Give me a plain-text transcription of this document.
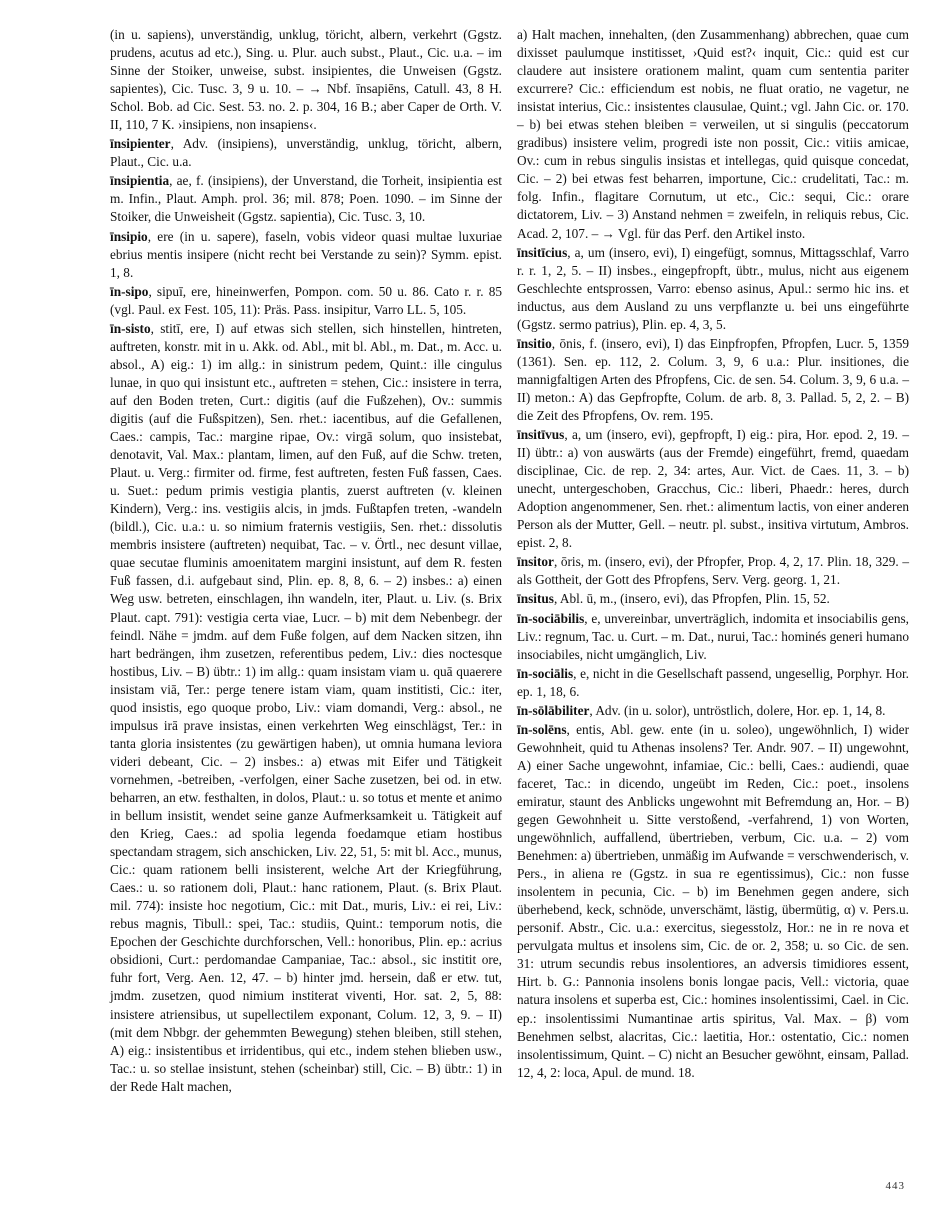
(in u. sapiens), unverständig, unklug, töricht, albern, verkehrt (Ggstz. prudens, acutus ad etc.), Sing. u. Plur. auch subst., Plaut., Cic. u.a. – im Sinne der Stoiker, unweise, subst. insipientes, die Unweisen (Ggstz. sapientes), Cic. Tusc. 3, 9 u. 10. – → Nbf. īnsapiēns, Catull. 43, 8 H. Schol. Bob. ad Cic. Sest. 53. no. 2. p. 304, 16 B.; aber Caper de Orth. V. II, 110, 7 K. ›insipiens, non insapiens‹.

īnsipienter, Adv. (insipiens), unverständig, unklug, töricht, albern, Plaut., Cic. u.a.

īnsipientia, ae, f. (insipiens), der Unverstand, die Torheit, insipientia est m. Infin., Plaut. Amph. prol. 36; mil. 878; Poen. 1090. – im Sinne der Stoiker, die Unweisheit (Ggstz. sapientia), Cic. Tusc. 3, 10.

īnsipio, ere (in u. sapere), faseln, vobis videor quasi multae luxuriae ebrius mentis insipere (nicht recht bei Verstande zu sein)? Symm. epist. 1, 8.

īn-sipo, sipuī, ere, hineinwerfen, Pompon. com. 50 u. 86. Cato r. r. 85 (vgl. Paul. ex Fest. 105, 11): Präs. Pass. insipitur, Varro LL. 5, 105.

īn-sisto, stitī, ere, I) auf etwas sich stellen, sich hinstellen, hintreten, auftreten, konstr. mit in u. Akk. od. Abl., mit bl. Abl., m. Dat., m. Acc. u. absol., A) eig.: 1) im allg.: in sinistrum pedem, Quint.: ille cingulus lunae, in quo qui insistunt etc., auftreten = stehen, Cic.: insistere in terra, auf den Boden treten, Curt.: digitis (auf die Fußzehen), Ov.: summis digitis (auf die Fußspitzen), Sen. rhet.: iacentibus, auf die Gefallenen, Caes.: campis, Tac.: margine ripae, Ov.: virgā solum, quo insistebat, denotavit, Val. Max.: plantam, limen, auf den Fuß, auf die Schw. treten, Plaut. u. Verg.: firmiter od. firme, fest auftreten, festen Fuß fassen, Caes. u. Suet.: pedum primis vestigia plantis, zuerst auftreten (v. kleinen Kindern), Verg.: ins. vestigiis alcis, in jmds. Fußtapfen treten, -wandeln (bildl.), Cic. u.a.: u. so nimium fraternis vestigiis, Sen. rhet.: dissolutis membris insistere (auftreten) nequibat, Tac. – v. Örtl., nec desunt villae, quae secutae fluminis amoenitatem margini insistunt, auf dem R. festen Fuß fassen, d.i. aufgebaut sind, Plin. ep. 8, 8, 6. – 2) insbes.: a) einen Weg usw. betreten, einschlagen, ihn wandeln, iter, Plaut. u. Liv. (s. Brix Plaut. capt. 791): vestigia certa viae, Lucr. – b) mit dem Nebenbegr. der feindl. Nähe = jmdm. auf dem Fuße folgen, auf dem Nacken sitzen, ihn hart bedrängen, ihm zusetzen, referentibus pedem, Liv.: dies noctesque hostibus, Liv. – B) übtr.: 1) im allg.: quam insistam viam u. quā quaerere insistam viā, Ter.: perge tenere istam viam, quam institisti, Cic.: iter, quod insistis, ego quoque probo, Liv.: viam domandi, Verg.: absol., ne impulsus irā prave insistas, einen verkehrten Weg einschlägst, Ter.: in tanta gloria insistentes (zu gewärtigen haben), ut omnia humana leviora videri debeant, Cic. – 2) insbes.: a) etwas mit Eifer und Tätigkeit vornehmen, -betreiben, -verfolgen, einer Sache zusetzen, bei od. in etw. beharren, an etw. festhalten, in dolos, Plaut.: u. so totus et mente et animo in bellum insistit, wendet seine ganze Aufmerksamkeit u. Tätigkeit auf den Krieg, Caes.: ad spolia legenda foedamque etiam hostibus spectandam stragem, sich anschicken, Liv. 22, 51, 5: mit bl. Acc., munus, Cic.: quam rationem belli insisterent, welche Art der Kriegführung, Caes.: u. so rationem doli, Plaut.: hanc rationem, Plaut. (s. Brix Plaut. mil. 774): insiste hoc negotium, Cic.: mit Dat., muris, Liv.: ei rei, Liv.: rebus magnis, Tibull.: spei, Tac.: studiis, Quint.: temporum notis, die Epochen der Geschichte durchforschen, Vell.: honoribus, Plin. ep.: acrius obsidioni, Curt.: perdomandae Campaniae, Tac.: absol., sic institit ore, fuhr fort, Verg. Aen. 12, 47. – b) hinter jmd. hersein, daß er etw. tut, jmdm. zusetzen, quod nimium institerat viventi, Hor. sat. 2, 5, 88: insistere atriensibus, ut supellectilem exponant, Colum. 12, 3, 9. – II) (mit dem Nbbgr. der gehemmten Bewegung) stehen bleiben, still stehen, A) eig.: insistentibus et irridentibus, qui etc., indem stehen blieben usw., Tac.: u. so stellae insistunt, stehen (scheinbar) still, Cic. – B) übtr.: 1) in der Rede Halt machen,

a) Halt machen, innehalten, (den Zusammenhang) abbrechen, quae cum dixisset paulumque institisset, ›Quid est?‹ inquit, Cic.: quid est cur claudere aut insistere orationem malint, quam cum sententia pariter excurrere? Cic.: efficiendum est nobis, ne fluat oratio, ne vagetur, ne insistat interius, Cic.: insistentes clausulae, Quint.; vgl. Jahn Cic. or. 170. – b) bei etwas stehen bleiben = verweilen, ut si singulis (peccatorum gradibus) insistere velim, progredi iste non possit, Cic.: vitiis amicae, Ov.: cum in rebus singulis insistas et intellegas, quid quisque concedat, Cic. – 2) bei etwas fest beharren, importune, Cic.: crudelitati, Tac.: m. folg. Infin., flagitare Cornutum, ut etc., Cic.: sequi, Cic.: orare dictatorem, Liv. – 3) Anstand nehmen = zweifeln, in reliquis rebus, Cic. Acad. 2, 107. – → Vgl. für das Perf. den Artikel insto.

īnsitīcius, a, um (insero, evi), I) eingefügt, somnus, Mittagsschlaf, Varro r. r. 1, 2, 5. – II) insbes., eingepfropft, übtr., mulus, nicht aus eigenem Geschlechte entsprossen, Varro: ebenso asinus, Apul.: sermo hic ins. et inductus, aus dem Ausland zu uns verpflanzte u. bei uns eingeführte (Ggstz. sermo patrius), Plin. ep. 4, 3, 5.

īnsitio, ōnis, f. (insero, evi), I) das Einpfropfen, Pfropfen, Lucr. 5, 1359 (1361). Sen. ep. 112, 2. Colum. 3, 9, 6 u.a.: Plur. insitiones, die mannigfaltigen Arten des Pfropfens, Cic. de sen. 54. Colum. 3, 9, 6 u.a. – II) meton.: A) das Gepfropfte, Colum. de arb. 8, 3. Pallad. 5, 2, 2. – B) die Zeit des Pfropfens, Ov. rem. 195.

īnsitīvus, a, um (insero, evi), gepfropft, I) eig.: pira, Hor. epod. 2, 19. – II) übtr.: a) von auswärts (aus der Fremde) eingeführt, fremd, quaedam disciplinae, Cic. de rep. 2, 34: artes, Aur. Vict. de Caes. 11, 3. – b) unecht, untergeschoben, Gracchus, Cic.: liberi, Phaedr.: heres, durch Adoption angenommener, Sen. rhet.: alimentum lactis, von einer anderen Person als der Mutter, Gell. – neutr. pl. subst., insitiva virtutum, Ambros. epist. 2, 8.

īnsitor, ōris, m. (insero, evi), der Pfropfer, Prop. 4, 2, 17. Plin. 18, 329. – als Gottheit, der Gott des Pfropfens, Serv. Verg. georg. 1, 21.

īnsitus, Abl. ū, m., (insero, evi), das Pfropfen, Plin. 15, 52.

īn-sociābilis, e, unvereinbar, unverträglich, indomita et insociabilis gens, Liv.: regnum, Tac. u. Curt. – m. Dat., nurui, Tac.: hominés generi humano insociabiles, nicht umgänglich, Liv.

īn-sociālis, e, nicht in die Gesellschaft passend, ungesellig, Porphyr. Hor. ep. 1, 18, 6.

īn-sōlābiliter, Adv. (in u. solor), untröstlich, dolere, Hor. ep. 1, 14, 8.

īn-solēns, entis, Abl. gew. ente (in u. soleo), ungewöhnlich, I) wider Gewohnheit, quid tu Athenas insolens? Ter. Andr. 907. – II) ungewohnt, A) einer Sache ungewohnt, infamiae, Cic.: belli, Caes.: audiendi, quae faceret, Tac.: in dicendo, ungeübt im Reden, Cic.: poet., insolens emiratur, staunt des Anblicks ungewohnt mit Befremdung an, Hor. – B) gegen Gewohnheit u. Sitte verstoßend, -verfahrend, 1) von Worten, ungewöhnlich, auffallend, übertrieben, verbum, Cic. u.a. – 2) vom Benehmen: a) übertrieben, unmäßig im Aufwande = verschwenderisch, v. Pers., in aliena re (Ggstz. in sua re egentissimus), Cic.: non fusse insolentem in pecunia, Cic. – b) im Benehmen gegen andere, sich überhebend, keck, schnöde, unverschämt, lästig, übermütig, α) v. Pers.u. personif. Abstr., Cic. u.a.: exercitus, siegesstolz, Hor.: ne in re nova et pervulgata multus et insolens sim, Cic. de or. 2, 358; u. so Cic. de sen. 31: utrum secundis rebus insolentiores, an adversis timidiores essent, Hirt. b. G.: Pannonia insolens bonis longae pacis, Vell.: victoria, quae natura insolens et superba est, Cic.: homines insolentissimi, Cael. in Cic. ep.: insolentissimi Numantinae artis spiritus, Val. Max. – β) vom Benehmen selbst, alacritas, Cic.: laetitia, Hor.: ostentatio, Cic.: nomen insolentissimum, Quint. – C) nicht an Besucher gewöhnt, einsam, Pallad. 12, 4, 2: loca, Apul. de mund. 18.

443
